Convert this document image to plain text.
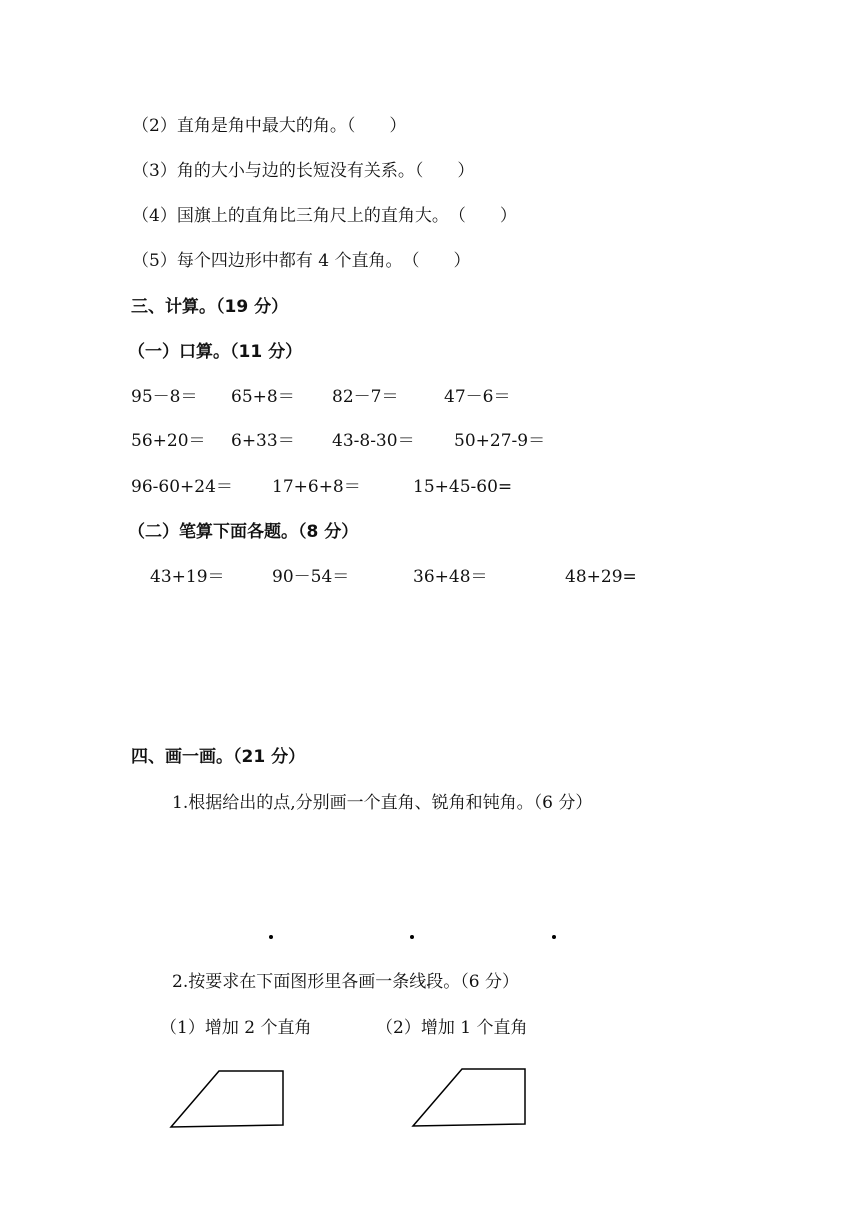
（2）直角是角中最大的角。（　　）
（3）角的大小与边的长短没有关系。（　　）
（4）国旗上的直角比三角尺上的直角大。　（　　）
（5）每个四边形中都有 4 个直角。　（　　）
三、计算。（19 分）
（一）口算。（11 分）
95－8＝ 65+8＝ 82－7＝	47－6＝
56+20＝ 6+33＝ 43-8-30＝ 50+27-9＝
96-60+24＝ 17+6+8＝	15+45-60=
（二）笔算下面各题。（8 分）
43+19＝	90－54＝	36+48＝	48+29=
四、画一画。（21 分）
1.根据给出的点,分别画一个直角、锐角和钝角。（6 分）
2.按要求在下面图形里各画一条线段。（6 分）
（1）增加 2 个直角	（2）增加 1 个直角
